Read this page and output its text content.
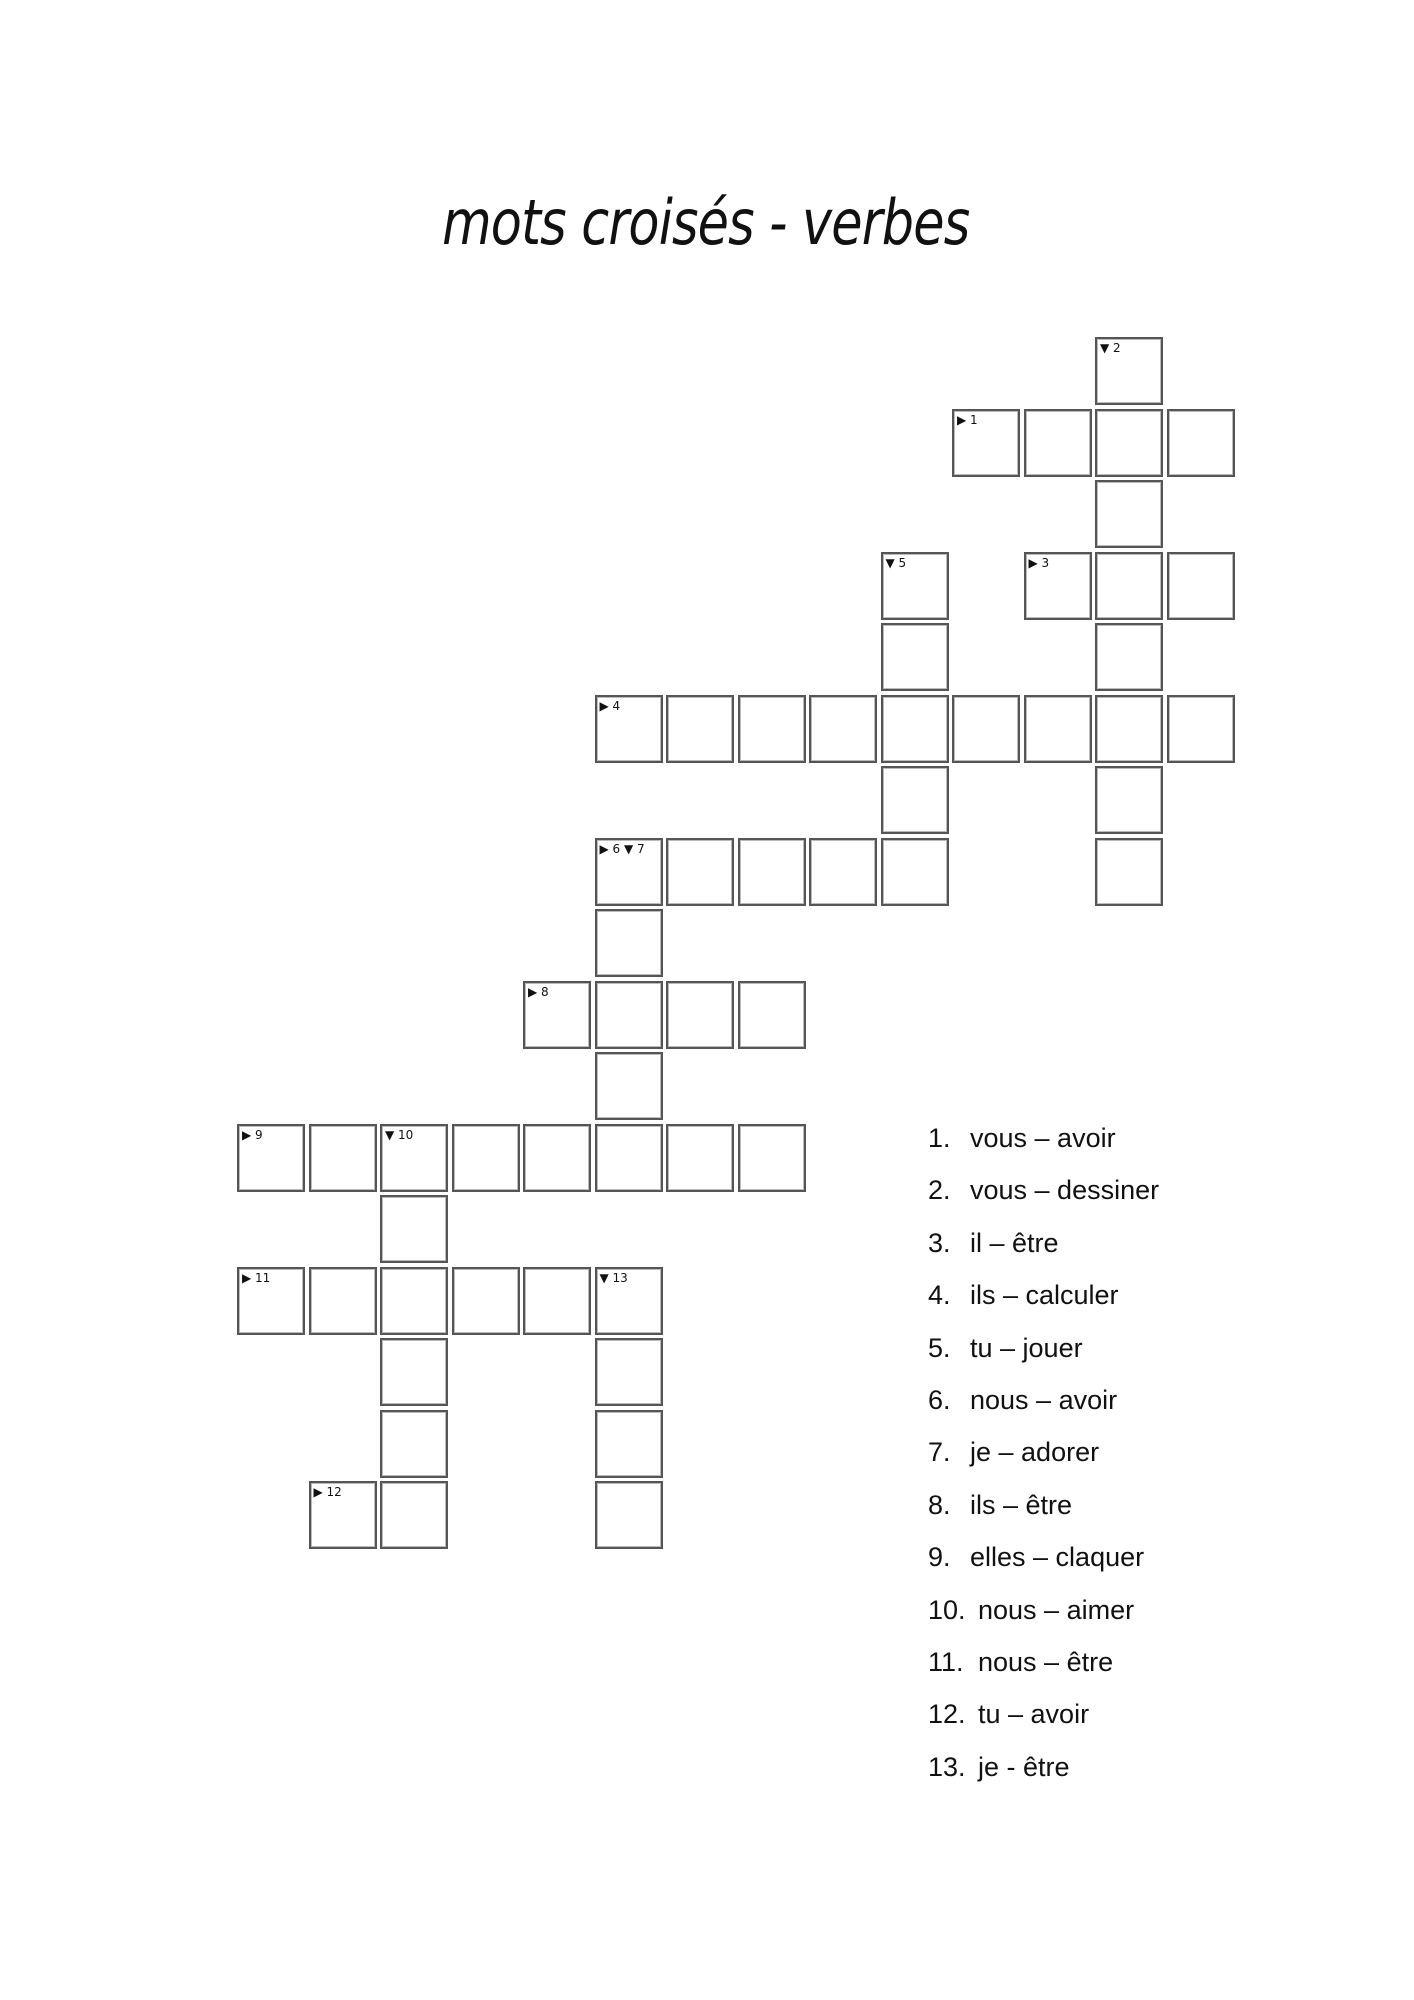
mots croisés - verbes
▶ 1
▼ 2
▶ 3
▶ 4
▼ 5
▶ 6 ▼ 7
▶ 8
▶ 9	▼ 10
▶ 11	▼ 13
▶ 12
1. vous – avoir
2. vous – dessiner
3. il – être
4. ils – calculer
5. tu – jouer
6. nous – avoir
7. je – adorer
8. ils – être
9. elles – claquer
10. nous – aimer
11. nous – être
12. tu – avoir
13. je - être
